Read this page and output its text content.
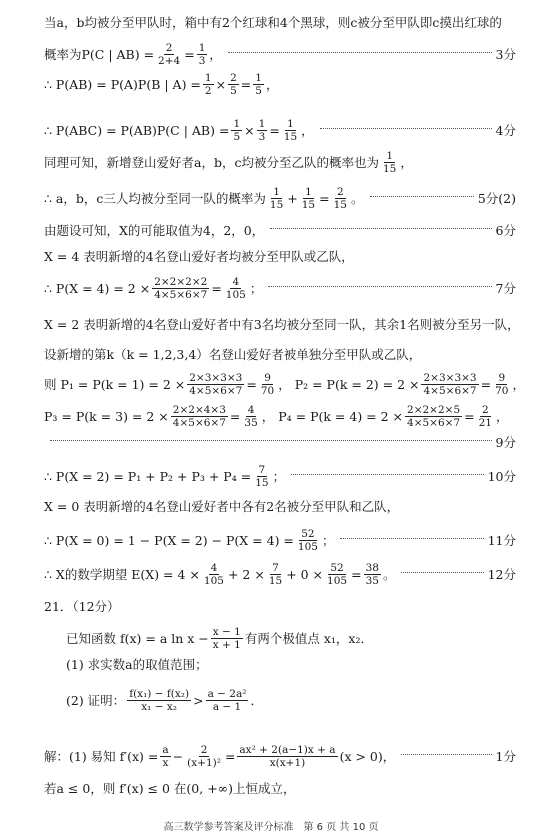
当a，b均被分至甲队时，箱中有2个红球和4个黑球，则c被分至甲队即c摸出红球的
概率为P(C | $AB) = \frac{2}{2+4} = \frac{1}{3}$ ，	3分
∴ P(AB) = P(A)P(B | $A) = \frac{1}{2} \times \frac{2}{5} = \frac{1}{5}$ ，
∴ P(ABC) = P(AB)P(C | $AB) = \frac{1}{5} \times \frac{1}{3} = \frac{1}{15}$ ，	4分
同理可知，新增登山爱好者a，b，c均被分至乙队的概率也为 $\frac{1}{15}$ ，
∴ a，b，c三人均被分至同一队的概率为 $\frac{1}{15} + \frac{1}{15} = \frac{2}{15}$ 。	5分(2)
由题设可知，X的可能取值为4，2，0，	6分
X = 4 表明新增的4名登山爱好者均被分至甲队或乙队，
∴ $P(X = 4) = 2 \times \frac{2\times 2\times 2\times 2}{4\times 5\times 6\times 7} = \frac{4}{105}$ ；	7分
X = 2 表明新增的4名登山爱好者中有3名均被分至同一队，其余1名则被分至另一队，
设新增的第k（k = 1,2,3,4）名登山爱好者被单独分至甲队或乙队，
则 $P_1 = P(k = 1) = 2 \times \frac{2\times 3\times 3\times 3}{4\times 5\times 6\times 7} = \frac{9}{70}$ ， $P_2 = P(k = 2) = 2 \times \frac{2\times 3\times 3\times 3}{4\times 5\times 6\times 7} = \frac{9}{70}$ ，
$P_3 = P(k = 3) = 2 \times \frac{2\times 2\times 4\times 3}{4\times 5\times 6\times 7} = \frac{4}{35}$ ， $P_4 = P(k = 4) = 2 \times \frac{2\times 2\times 2\times 5}{4\times 5\times 6\times 7} = \frac{2}{21}$ ，
9分
∴ $P(X = 2) = P_1 + P_2 + P_3 + P_4 = \frac{7}{15}$ ；	10分
X = 0 表明新增的4名登山爱好者中各有2名被分至甲队和乙队，
∴ $P(X = 0) = 1 - P(X = 2) - P(X = 4) = \frac{52}{105}$ ；	11分
∴ X的数学期望 $E(X) = 4 \times \frac{4}{105} + 2 \times \frac{7}{15} + 0 \times \frac{52}{105} = \frac{38}{35}$ 。	12分
21．（12分）
已知函数 f(x) = a $\ln x - \frac{x - 1}{x + 1}$ 有两个极值点 x₁，x₂．
(1) 求实数a的取值范围；
(2) 证明： $\frac{\text{f(x₁) − f(x₂)}}{\text{x₁ − x₂}} > \frac{\text{a − 2a²}}{a - 1}$ ．
解：(1) 易知 $f'(x) = \frac{a}{x} - \frac{2}{\text{(x+1)²}} = \frac{\text{ax² + 2(a−1)x + a}}{x(x+1)} (x > 0)$，	1分
若a ≤ 0，则 f′(x) ≤ 0 在(0, +∞)上恒成立，
高三数学参考答案及评分标准　第 6 页 共 10 页
